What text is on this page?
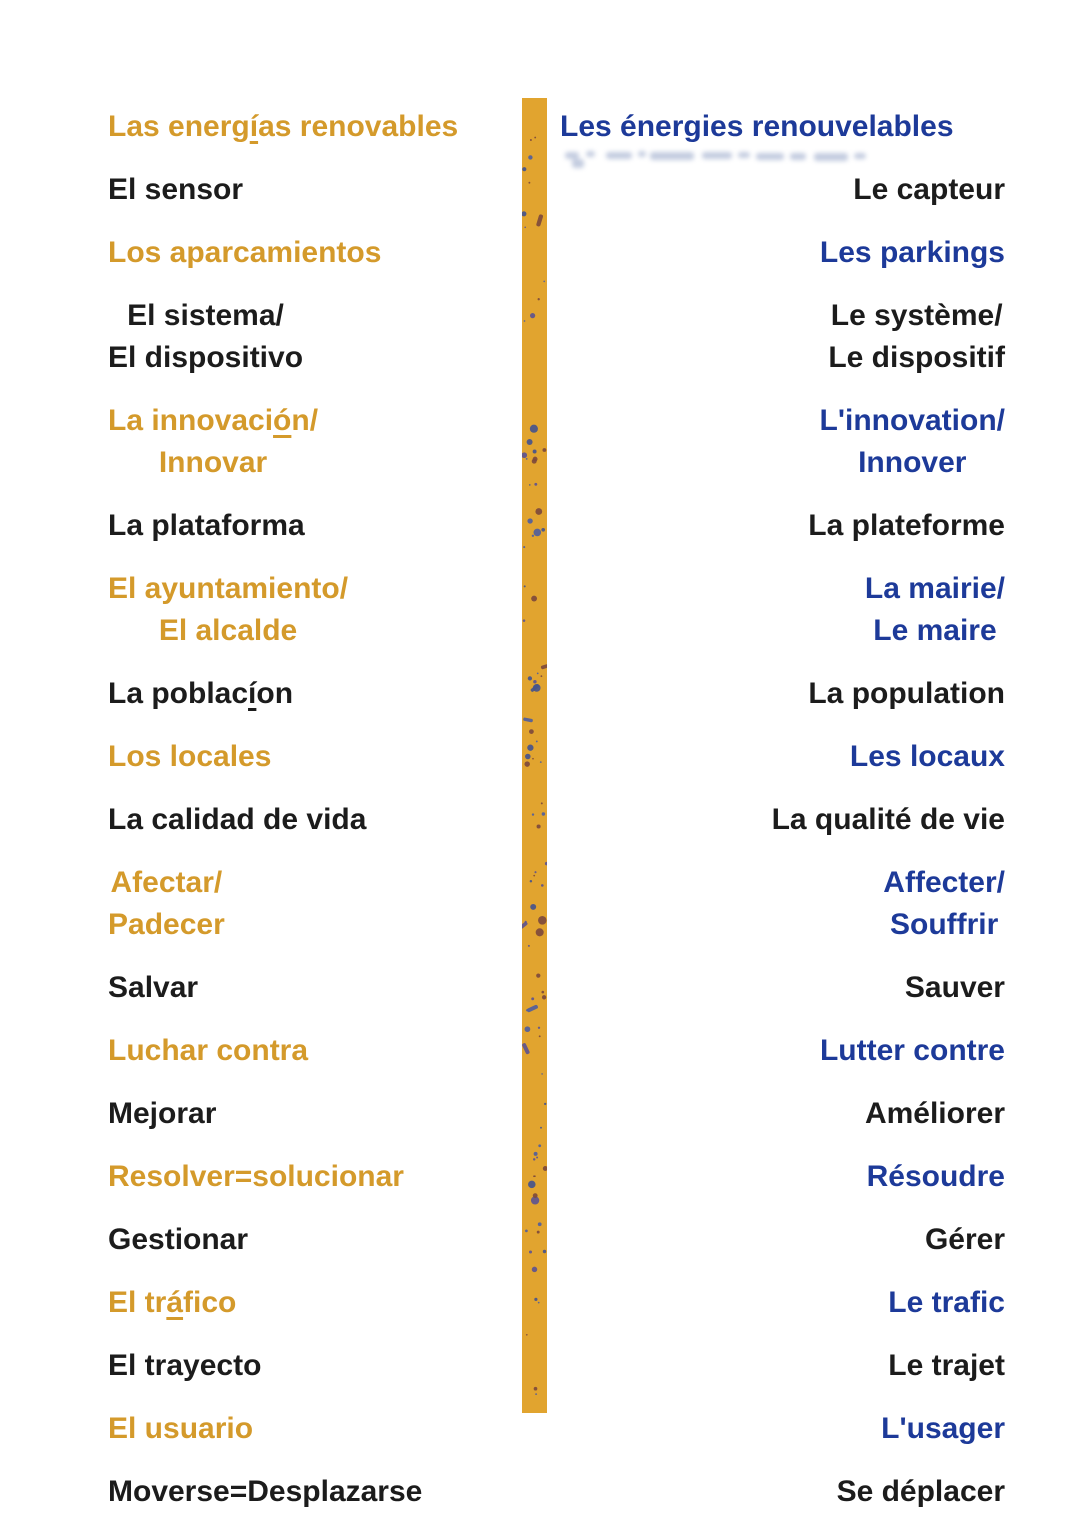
Las energías renovables
El sensor
Los aparcamientos
El sistema/
El dispositivo
La innovación/
Innovar
La plataforma
El ayuntamiento/
El alcalde
La poblacíon
Los locales
La calidad de vida
Afectar/
Padecer
Salvar
Luchar contra
Mejorar
Resolver=solucionar
Gestionar
El tráfico
El trayecto
El usuario
Moverse=Desplazarse
Les énergies renouvelables
Le capteur
Les parkings
Le système/
Le dispositif
L'innovation/
Innover
La plateforme
La mairie/
Le maire
La population
Les locaux
La qualité de vie
Affecter/
Souffrir
Sauver
Lutter contre
Améliorer
Résoudre
Gérer
Le trafic
Le trajet
L'usager
Se déplacer
